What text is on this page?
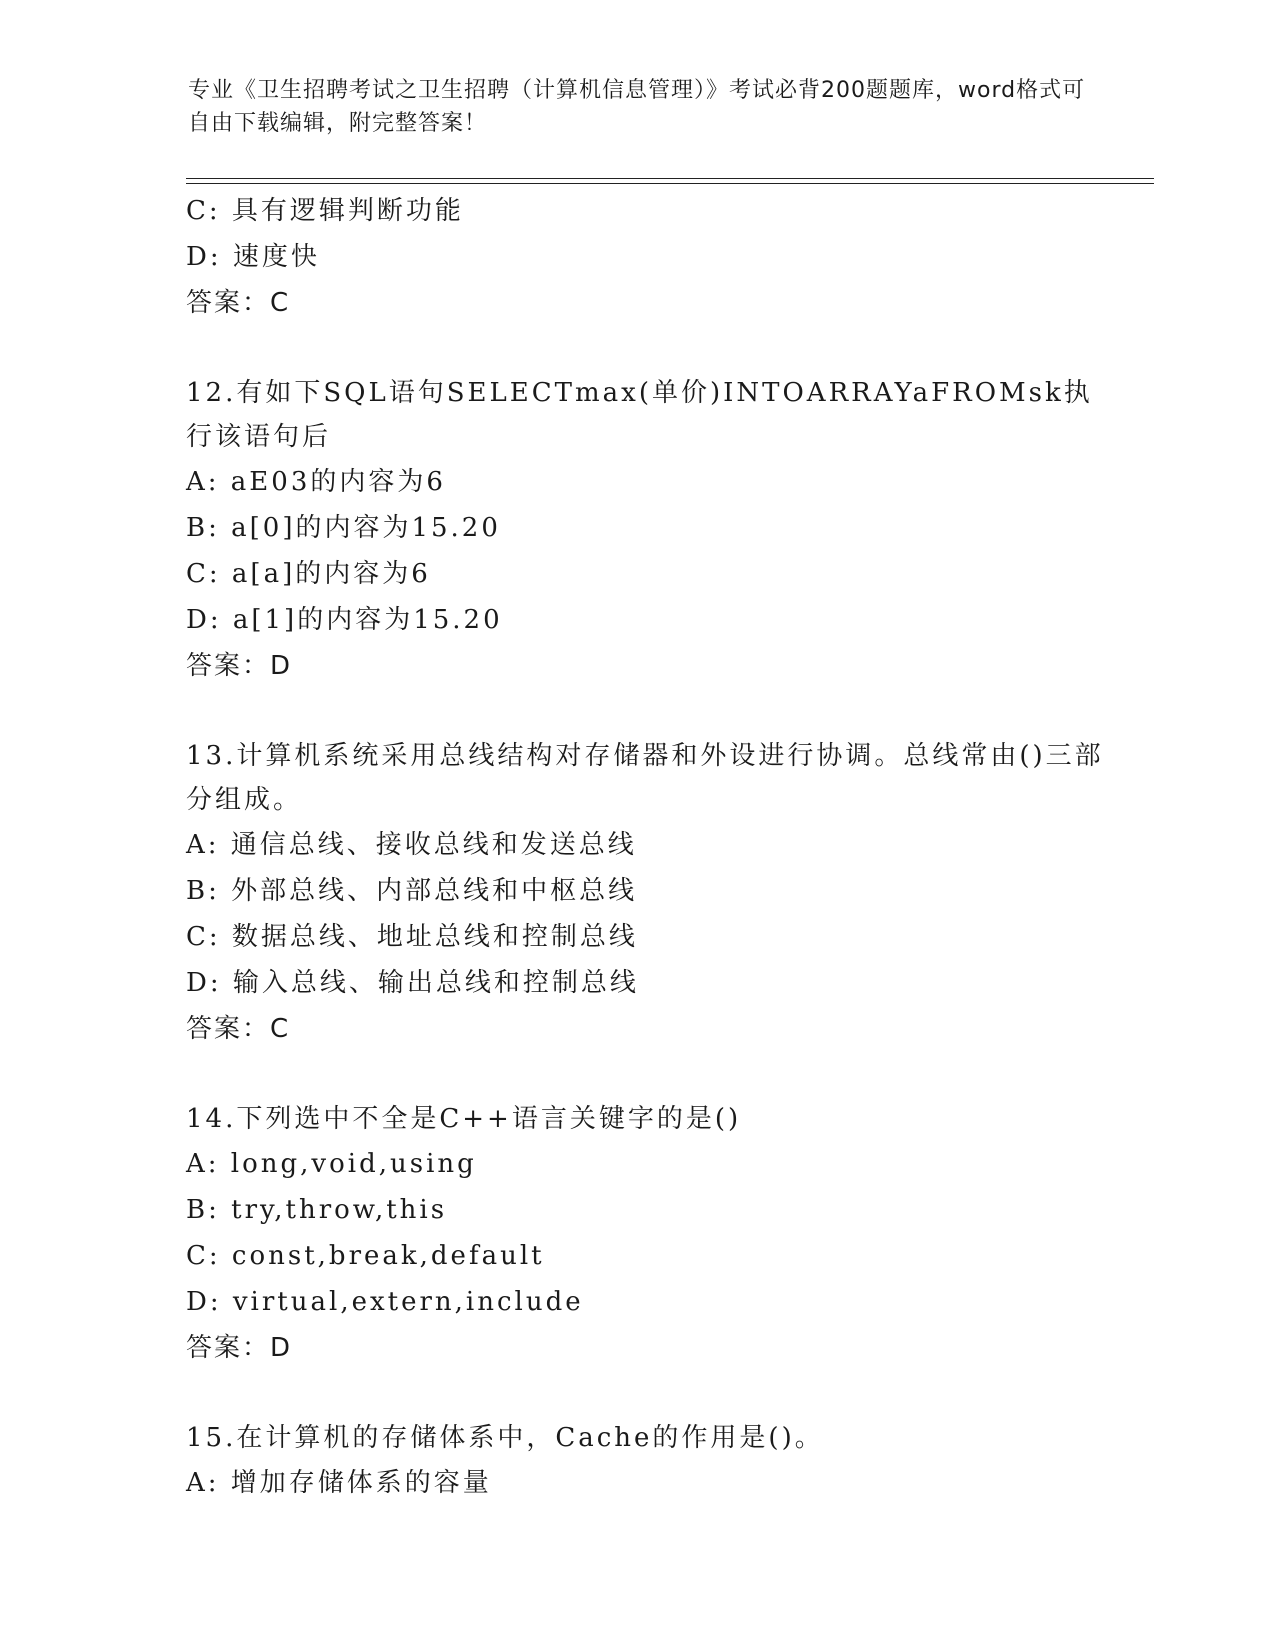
专业《卫生招聘考试之卫生招聘（计算机信息管理）》考试必背200题题库，word格式可自由下载编辑，附完整答案！
C: 具有逻辑判断功能
D: 速度快
答案：C
12.有如下SQL语句SELECTmax(单价)INTOARRAYaFROMsk执行该语句后
A: aE03的内容为6
B: a[0]的内容为15.20
C: a[a]的内容为6
D: a[1]的内容为15.20
答案：D
13.计算机系统采用总线结构对存储器和外设进行协调。总线常由()三部分组成。
A: 通信总线、接收总线和发送总线
B: 外部总线、内部总线和中枢总线
C: 数据总线、地址总线和控制总线
D: 输入总线、输出总线和控制总线
答案：C
14.下列选中不全是C++语言关键字的是()
A: long,void,using
B: try,throw,this
C: const,break,default
D: virtual,extern,include
答案：D
15.在计算机的存储体系中，Cache的作用是()。
A: 增加存储体系的容量
